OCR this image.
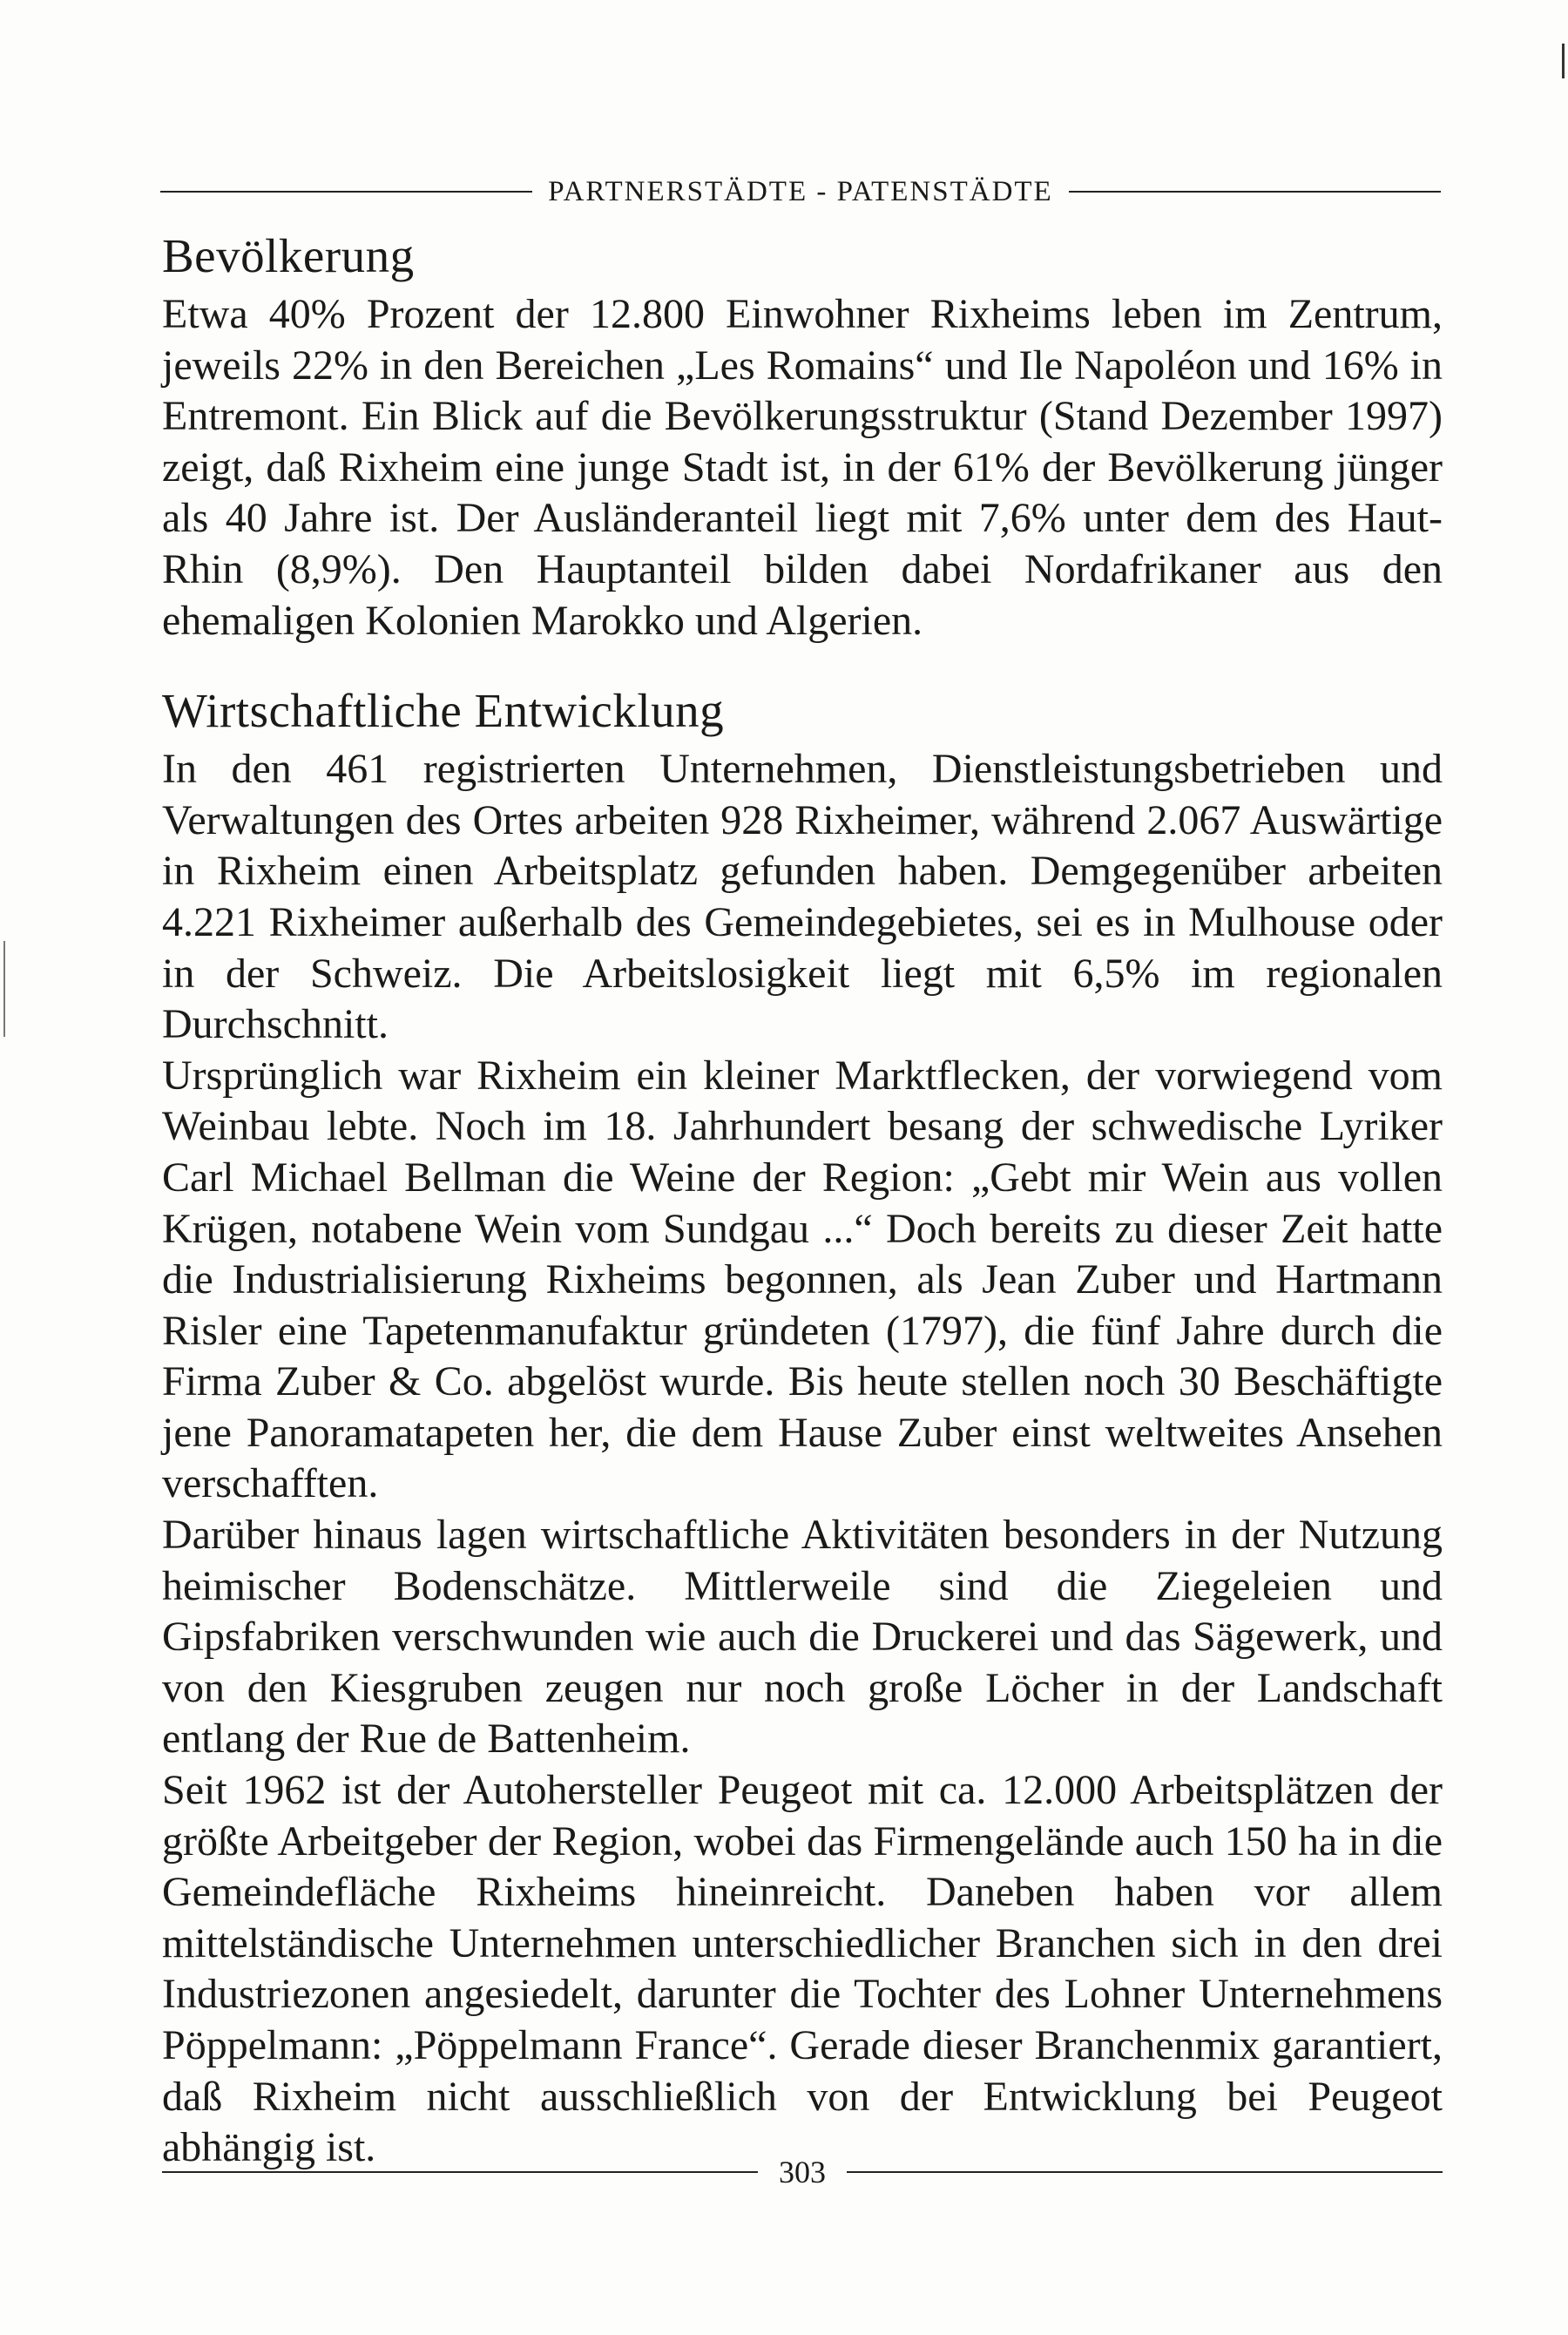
PARTNERSTÄDTE - PATENSTÄDTE
Bevölkerung

Etwa 40% Prozent der 12.800 Einwohner Rixheims leben im Zentrum, jeweils 22% in den Bereichen „Les Romains“ und Ile Napoléon und 16% in Entremont. Ein Blick auf die Bevölkerungsstruktur (Stand Dezember 1997) zeigt, daß Rixheim eine junge Stadt ist, in der 61% der Bevölkerung jünger als 40 Jahre ist. Der Ausländeranteil liegt mit 7,6% unter dem des Haut-Rhin (8,9%). Den Hauptanteil bilden dabei Nordafrikaner aus den ehemaligen Kolonien Marokko und Algerien.

Wirtschaftliche Entwicklung

In den 461 registrierten Unternehmen, Dienstleistungsbetrieben und Verwaltungen des Ortes arbeiten 928 Rixheimer, während 2.067 Auswärtige in Rixheim einen Arbeitsplatz gefunden haben. Demgegenüber arbeiten 4.221 Rixheimer außerhalb des Gemeindegebietes, sei es in Mulhouse oder in der Schweiz. Die Arbeitslosigkeit liegt mit 6,5% im regionalen Durchschnitt.

Ursprünglich war Rixheim ein kleiner Marktflecken, der vorwiegend vom Weinbau lebte. Noch im 18. Jahrhundert besang der schwedische Lyriker Carl Michael Bellman die Weine der Region: „Gebt mir Wein aus vollen Krügen, notabene Wein vom Sundgau ...“ Doch bereits zu dieser Zeit hatte die Industrialisierung Rixheims begonnen, als Jean Zuber und Hartmann Risler eine Tapetenmanufaktur gründeten (1797), die fünf Jahre durch die Firma Zuber & Co. abgelöst wurde. Bis heute stellen noch 30 Beschäftigte jene Panoramatapeten her, die dem Hause Zuber einst weltweites Ansehen verschafften.

Darüber hinaus lagen wirtschaftliche Aktivitäten besonders in der Nutzung heimischer Bodenschätze. Mittlerweile sind die Ziegeleien und Gipsfabriken verschwunden wie auch die Druckerei und das Sägewerk, und von den Kiesgruben zeugen nur noch große Löcher in der Landschaft entlang der Rue de Battenheim.

Seit 1962 ist der Autohersteller Peugeot mit ca. 12.000 Arbeitsplätzen der größte Arbeitgeber der Region, wobei das Firmengelände auch 150 ha in die Gemeindefläche Rixheims hineinreicht. Daneben haben vor allem mittelständische Unternehmen unterschiedlicher Branchen sich in den drei Industriezonen angesiedelt, darunter die Tochter des Lohner Unternehmens Pöppelmann: „Pöppelmann France“. Gerade dieser Branchenmix garantiert, daß Rixheim nicht ausschließlich von der Entwicklung bei Peugeot abhängig ist.

303
